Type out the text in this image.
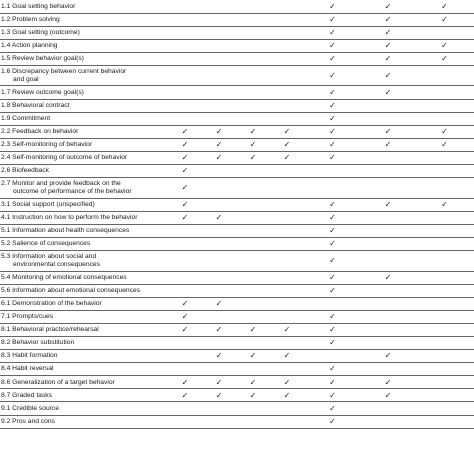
1.1 Goal setting behavior					✓	✓	✓
1.2 Problem solving					✓	✓	✓
1.3 Goal setting (outcome)					✓	✓	
1.4 Action planning					✓	✓	✓
1.5 Review behavior goal(s)					✓	✓	✓
1.6 Discrepancy between current behavior
and goal					✓	✓	
1.7 Review outcome goal(s)					✓	✓	
1.8 Behavioral contract					✓		
1.9 Commitment					✓		
2.2 Feedback on behavior	✓	✓	✓	✓	✓	✓	✓
2.3 Self-monitoring of behavior	✓	✓	✓	✓	✓	✓	✓
2.4 Self-monitoring of outcome of behavior	✓	✓	✓	✓	✓		
2.6 Biofeedback	✓						
2.7 Monitor and provide feedback on the
outcome of performance of the behavior	✓						
3.1 Social support (unspecified)	✓				✓	✓	✓
4.1 Instruction on how to perform the behavior	✓	✓			✓		
5.1 Information about health consequences					✓		
5.2 Salience of consequences					✓		
5.3 Information about social and
environmental consequences					✓		
5.4 Monitoring of emotional consequences					✓	✓	
5.6 Information about emotional consequences					✓		
6.1 Demonstration of the behavior	✓	✓					
7.1 Prompts/cues	✓				✓		
8.1 Behavioral practice/rehearsal	✓	✓	✓	✓	✓		
8.2 Behavior substitution					✓		
8.3 Habit formation		✓	✓	✓		✓	
8.4 Habit reversal					✓		
8.6 Generalization of a target behavior	✓	✓	✓	✓	✓	✓	
8.7 Graded tasks	✓	✓	✓	✓	✓	✓	
9.1 Credible source					✓		
9.2 Pros and cons					✓		
